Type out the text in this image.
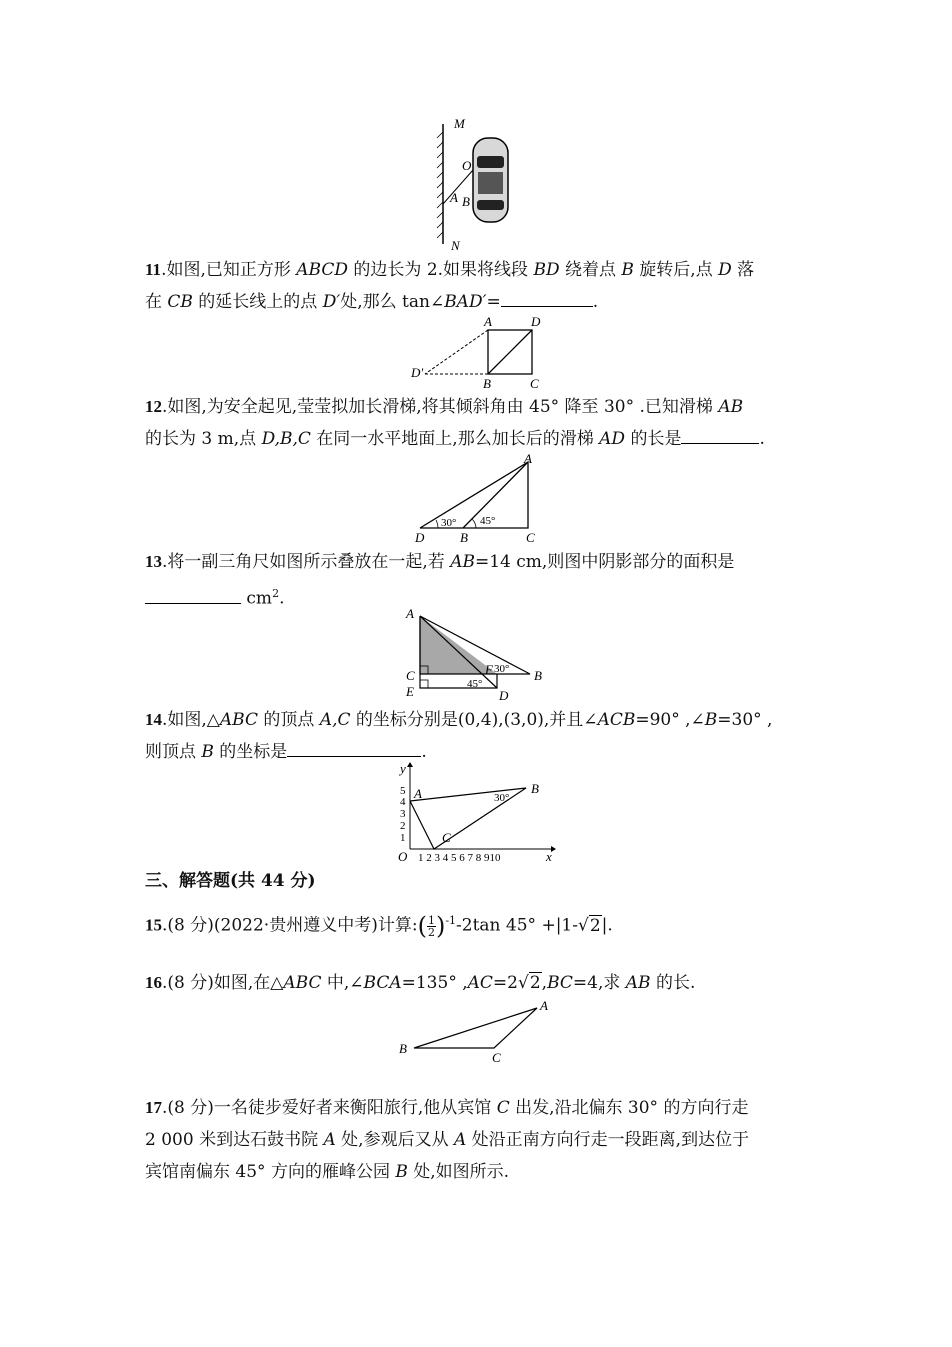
M
N
O
A B
11.如图,已知正方形 ABCD 的边长为 2.如果将线段 BD 绕着点 B 旋转后,点 D 落
在 CB 的延长线上的点 D′处,那么 tan∠BAD′=	.
A	D
D′
B	C
12.如图,为安全起见,莹莹拟加长滑梯,将其倾斜角由 45° 降至 30° .已知滑梯 AB
的长为 3 m,点 D,B,C 在同一水平地面上,那么加长后的滑梯 AD 的长是	.
30° 45°
A
D	B	C
13.将一副三角尺如图所示叠放在一起,若 AB=14 cm,则图中阴影部分的面积是
$cm^2$.
30°
45°
A
B
C
E
F
D
14.如图,△ABC 的顶点 A,C 的坐标分别是(0,4),(3,0),并且∠ACB=90° ,∠B=30° ,
则顶点 B 的坐标是	.
30°
y
x
O
A	B
C
5
4
3
2
1
1 2 3 4 5 6 7 8 910
三、解答题(共 44 分)
15.(8 分)(2022·贵州遵义中考)计算:( $\frac{1}{2} )^{-1}-2\tan$ 45° +|1-√2|.
16.(8 分)如图,在△ABC 中,∠BCA=135° ,AC=2√2,BC=4,求 AB 的长.
A
B
C
17.(8 分)一名徒步爱好者来衡阳旅行,他从宾馆 C 出发,沿北偏东 30° 的方向行走
2 000 米到达石鼓书院 A 处,参观后又从 A 处沿正南方向行走一段距离,到达位于
宾馆南偏东 45° 方向的雁峰公园 B 处,如图所示.
